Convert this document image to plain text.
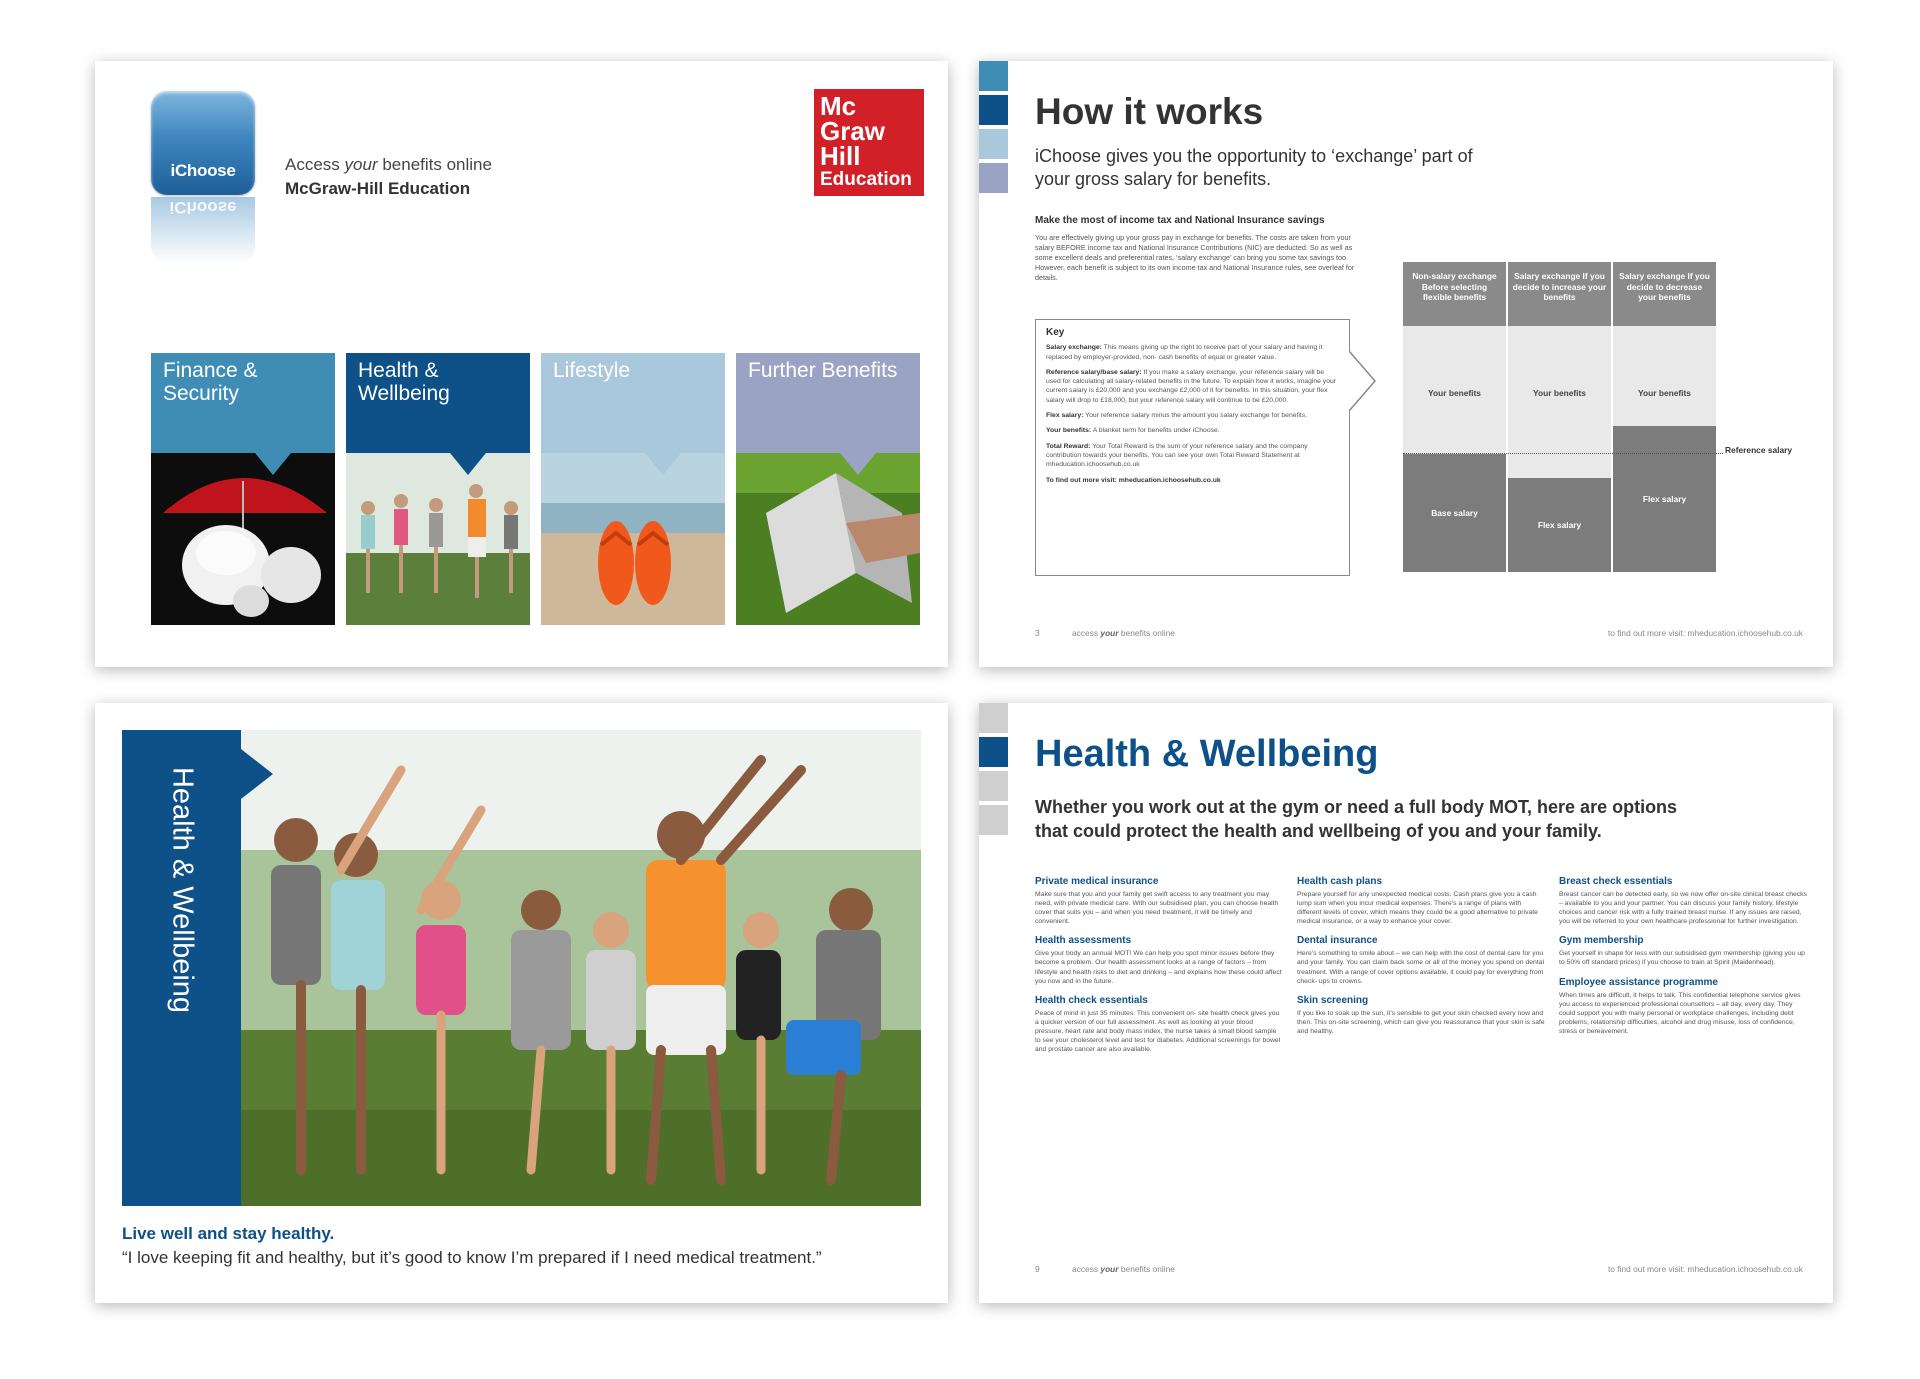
iChoose
iChoose
Access your benefits online
McGraw-Hill Education
Mc
Graw
Hill
Education
Finance & Security
Health & Wellbeing
Lifestyle	Further Benefits
How it works
iChoose gives you the opportunity to ‘exchange’ part of your gross salary for benefits.
Make the most of income tax and National Insurance savings
You are effectively giving up your gross pay in exchange for benefits. The costs are taken from your salary BEFORE income tax and National Insurance Contributions (NIC) are deducted. So as well as some excellent deals and preferential rates, ‘salary exchange’ can bring you some tax savings too. However, each benefit is subject to its own income tax and National Insurance rules, see overleaf for details.
Key

Salary exchange: This means giving up the right to receive part of your salary and having it replaced by employer-provided, non- cash benefits of equal or greater value.

Reference salary/base salary: If you make a salary exchange, your reference salary will be used for calculating all salary-related benefits in the future. To explain how it works, imagine your current salary is £20,000 and you exchange £2,000 of it for benefits. In this situation, your flex salary will drop to £18,000, but your reference salary will continue to be £20,000.

Flex salary: Your reference salary minus the amount you salary exchange for benefits.

Your benefits: A blanket term for benefits under iChoose.

Total Reward: Your Total Reward is the sum of your reference salary and the company contribution towards your benefits. You can see your own Total Reward Statement at mheducation.ichoosehub.co.uk

To find out more visit: mheducation.ichoosehub.co.uk

Non-salary exchange Before selecting flexible benefits
Your benefits
Base salary
Salary exchange If you decide to increase your benefits
Your benefits
Flex salary
Salary exchange If you decide to decrease your benefits
Your benefits
Flex salary
Reference salary
3	access your benefits online	to find out more visit: mheducation.ichoosehub.co.uk
Health & Wellbeing
Live well and stay healthy.
“I love keeping fit and healthy, but it’s good to know I’m prepared if I need medical treatment.”
Health & Wellbeing
Whether you work out at the gym or need a full body MOT, here are options that could protect the health and wellbeing of you and your family.
Private medical insurance

Make sure that you and your family get swift access to any treatment you may need, with private medical care. With our subsidised plan, you can choose health cover that suits you – and when you need treatment, it will be timely and convenient.

Health assessments

Give your body an annual MOT! We can help you spot minor issues before they become a problem. Our health assessment looks at a range of factors – from lifestyle and health risks to diet and drinking – and explains how these could affect you now and in the future.

Health check essentials

Peace of mind in just 35 minutes. This convenient on- site health check gives you a quicker version of our full assessment. As well as looking at your blood pressure, heart rate and body mass index, the nurse takes a small blood sample to see your cholesterol level and test for diabetes. Additional screenings for bowel and prostate cancer are also available.

Health cash plans

Prepare yourself for any unexpected medical costs. Cash plans give you a cash lump sum when you incur medical expenses. There’s a range of plans with different levels of cover, which means they could be a good alternative to private medical insurance, or a way to enhance your cover.

Dental insurance

Here’s something to smile about – we can help with the cost of dental care for you and your family. You can claim back some or all of the money you spend on dental treatment. With a range of cover options available, it could pay for everything from check- ups to crowns.

Skin screening

If you like to soak up the sun, it’s sensible to get your skin checked every now and then. This on-site screening, which can give you reassurance that your skin is safe and healthy.

Breast check essentials

Breast cancer can be detected early, so we now offer on-site clinical breast checks – available to you and your partner. You can discuss your family history, lifestyle choices and cancer risk with a fully trained breast nurse. If any issues are raised, you will be referred to your own healthcare professional for further investigation.

Gym membership

Get yourself in shape for less with our subsidised gym membership (giving you up to 50% off standard prices) if you choose to train at Spirit (Maidenhead).

Employee assistance programme

When times are difficult, it helps to talk. This confidential telephone service gives you access to experienced professional counsellors – all day, every day. They could support you with many personal or workplace challenges, including debt problems, relationship difficulties, alcohol and drug misuse, loss of confidence, stress or bereavement.

9	access your benefits online	to find out more visit: mheducation.ichoosehub.co.uk
